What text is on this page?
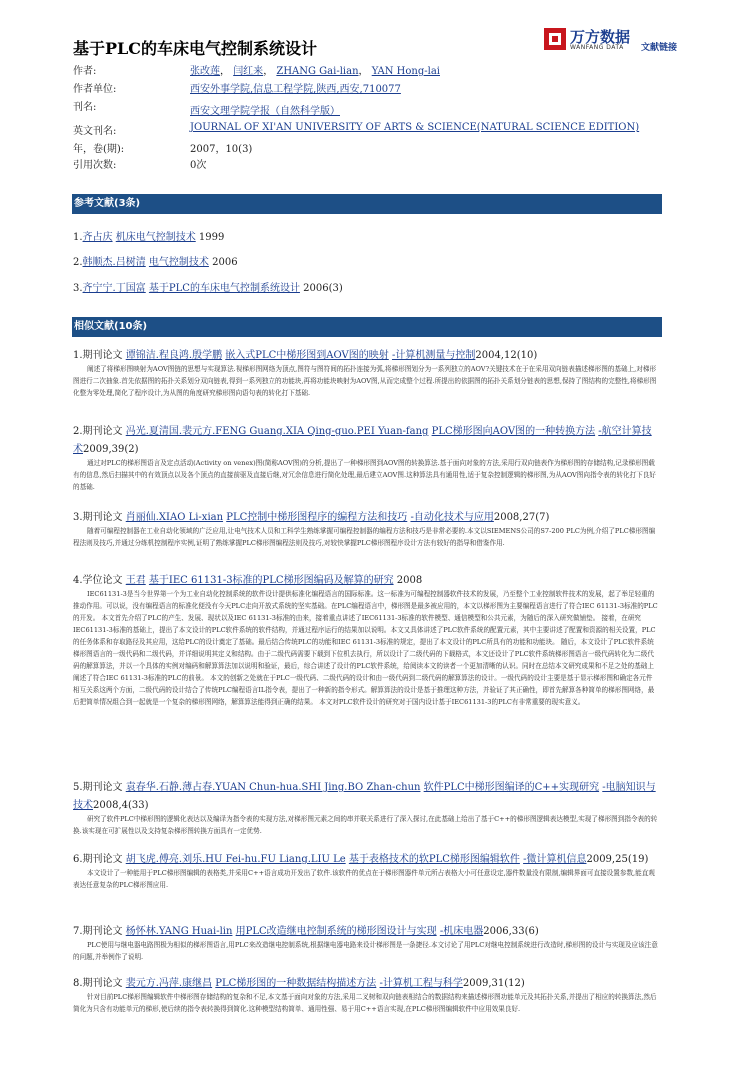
基于PLC的车床电气控制系统设计
万方数据
WANFANG DATA 文献链接
作者:	张改莲， 闫红来， ZHANG Gai-lian， YAN Hong-lai
作者单位:	西安外事学院,信息工程学院,陕西,西安,710077
刊名:	西安文理学院学报（自然科学版）
英文刊名:	JOURNAL OF XI'AN UNIVERSITY OF ARTS & SCIENCE(NATURAL SCIENCE EDITION)
年，卷(期):	2007，10(3)
引用次数:	0次
参考文献(3条)
1.齐占庆 机床电气控制技术 1999
2.韩顺杰.吕树清 电气控制技术 2006
3.齐宁宁.丁国富 基于PLC的车床电气控制系统设计 2006(3)
相似文献(10条)
1.期刊论文 谭锦洁.程良鸿.殷学鹏 嵌入式PLC中梯形图到AOV图的映射 -计算机测量与控制2004,12(10)
阐述了将梯形图映射为AOV图链的思想与实现算法.视梯形图网络为顶点,图符与图符间的拓扑连接为弧,将梯形图划分为一系列独立的AOV?关键技术在于在采用双向链表描述梯形图的基础上,对梯形图进行二次抽象.首先依据图的拓扑关系划分双向链表,得到一系列独立的功能块,再将功能块映射为AOV图,从而完成整个过程.所提出的依据图的拓扑关系划分链表的思想,保持了图结构的完整性,将梯形图化整为零处理,简化了程序设计,为从图的角度研究梯形图向语句表的转化打下基础.
2.期刊论文 冯光.夏清国.裴元方.FENG Guang.XIA Qing-guo.PEI Yuan-fang PLC梯形图向AOV图的一种转换方法 -航空计算技术2009,39(2)
通过对PLC的梯形图语言及定点活动(Activity on venex)图(简称AOV图)的分析,提出了一种梯形图到AOV图的转换算法.基于面向对象的方法,采用行双向链表作为梯形图的存储结构,记录梯形图载有的信息,然后扫描其中的有效顶点以及各个顶点的直接前驱及直接后继,对冗余信息进行简化处理,最后建立AOV图.这种算法具有通用性,适于复杂控制逻辑的梯形图,为从AOV图向指令表的转化打下良好的基础.
3.期刊论文 肖丽仙.XIAO Li-xian PLC控制中梯形图程序的编程方法和技巧 -自动化技术与应用2008,27(7)
随着可编程控制器在工业自动化领域的广泛应用,让电气技术人员和工科学生熟练掌握可编程控制器的编程方法和技巧是非常必要的.本文以SIEMENS公司的S7-200 PLC为例,介绍了PLC梯形图编程法则及技巧,并通过分练机控制程序实例,证明了熟练掌握PLC梯形图编程法则及技巧,对较快掌握PLC梯形图程序设计方法有较好的指导和借鉴作用.
4.学位论文 王君 基于IEC 61131-3标准的PLC梯形图编码及解算的研究 2008
IEC61131-3是当今世界第一个为工业自动化控制系统的软件设计提供标准化编程语言的国际标准。这一标准为可编程控制器软件技术的发展，乃至整个工业控制软件技术的发展，起了举足轻重的推动作用。可以说，没有编程语言的标准化便没有今天PLC走向开放式系统的坚实基础。在PLC编程语言中，梯形图是最多被应用的，本文以梯形图为主要编程语言进行了符合IEC 61131-3标准的PLC的开发。 本文首先介绍了PLC的产生、发展、现状以及IEC 61131-3标准的由来，接着重点讲述了IEC61131-3标准的软件模型、通信模型和公共元素，为随后的深入研究做铺垫。 接着，在研究IEC61131-3标准的基础上，提出了本文设计的PLC软件系统的软件结构，并通过程序运行的结果加以说明。本文又具体讲述了PLC软件系统的配置元素，其中主要讲述了配置和资源的相关设置，PLC的任务体系和存取路径及其应用，这给PLC的设计奠定了基础。最后结合传统PLC的功能和IEC 61131-3标准的规定，提出了本文设计的PLC所具有的功能和功能块。 随后，本文设计了PLC软件系统梯形图语言的一级代码和二级代码，并详细说明其定义和结构。由于二级代码需要下载到下位机去执行，所以设计了二级代码的下载格式，本文还设计了PLC软件系统梯形图语言一级代码转化为二级代码的解算算法，并以一个具体的实例对编码和解算算法加以说明和验证，最后，综合讲述了设计的PLC软件系统，给阅读本文的读者一个更加清晰的认识。同时在总结本文研究成果和不足之处的基础上阐述了符合IEC 61131-3标准的PLC的前景。 本文的创新之处就在于PLC一级代码、二级代码的设计和由一级代码到二级代码的解算算法的设计。一级代码的设计主要是基于显示梯形图和确定各元件相互关系这两个方面，二级代码的设计结合了传统PLC编程语言IL指令表，提出了一种新的指令形式。解算算法的设计是基于推理这种方法，并验证了其正确性，即首先解算各种简单的梯形图网络，最后把简单情况组合到一起就是一个复杂的梯形图网络，解算算法能得到正确的结果。 本文对PLC软件设计的研究对于国内设计基于IEC61131-3的PLC有非常重要的现实意义。
5.期刊论文 袁春华.石静.薄占春.YUAN Chun-hua.SHI Jing.BO Zhan-chun 软件PLC中梯形图编译的C++实现研究 -电脑知识与技术2008,4(33)
研究了软件PLC中梯形图的逻辑化表达以及编译为指令表的实现方法,对梯形图元素之间的串并联关系进行了深入探讨,在此基础上给出了基于C++的梯形图逻辑表达模型,实现了梯形图到指令表的转换.该实现在可扩展性以及支持复杂梯形图转换方面具有一定优势.
6.期刊论文 胡飞虎.傅亮.刘乐.HU Fei-hu.FU Liang.LIU Le 基于表格技术的软PLC梯形图编辑软件 -微计算机信息2009,25(19)
本文设计了一种能用于PLC梯形图编辑的表格类,并采用C++语言成功开发出了软件.该软件的优点在于梯形图器件单元所占表格大小可任意设定,器件数量没有限制,编辑界面可直接设置参数,能直观表达任意复杂的PLC梯形图应用.
7.期刊论文 杨怀林.YANG Huai-lin 用PLC改造继电控制系统的梯形图设计与实现 -机床电器2006,33(6)
PLC使用与继电器电路图极为相似的梯形图语言,用PLC来改造继电控制系统,根据继电器电路来设计梯形图是一条捷径.本文讨论了用PLC对继电控制系统进行改造时,梯形图的设计与实现及应该注意的问题,并举例作了说明.
8.期刊论文 裴元方.冯萍.康继昌 PLC梯形图的一种数据结构描述方法 -计算机工程与科学2009,31(12)
针对目前PLC梯形图编辑软件中梯形图存储结构的复杂和不足,本文基于面向对象的方法,采用二叉树和双向链表相结合的数据结构来描述梯形图功能单元及其拓扑关系,并提出了相应的转换算法,然后简化为只含有功能单元的梯形,使后续的指令表转换得到简化.这种模型结构简单、通用性强、易于用C++语言实现,在PLC梯形图编辑软件中应用效果良好.
